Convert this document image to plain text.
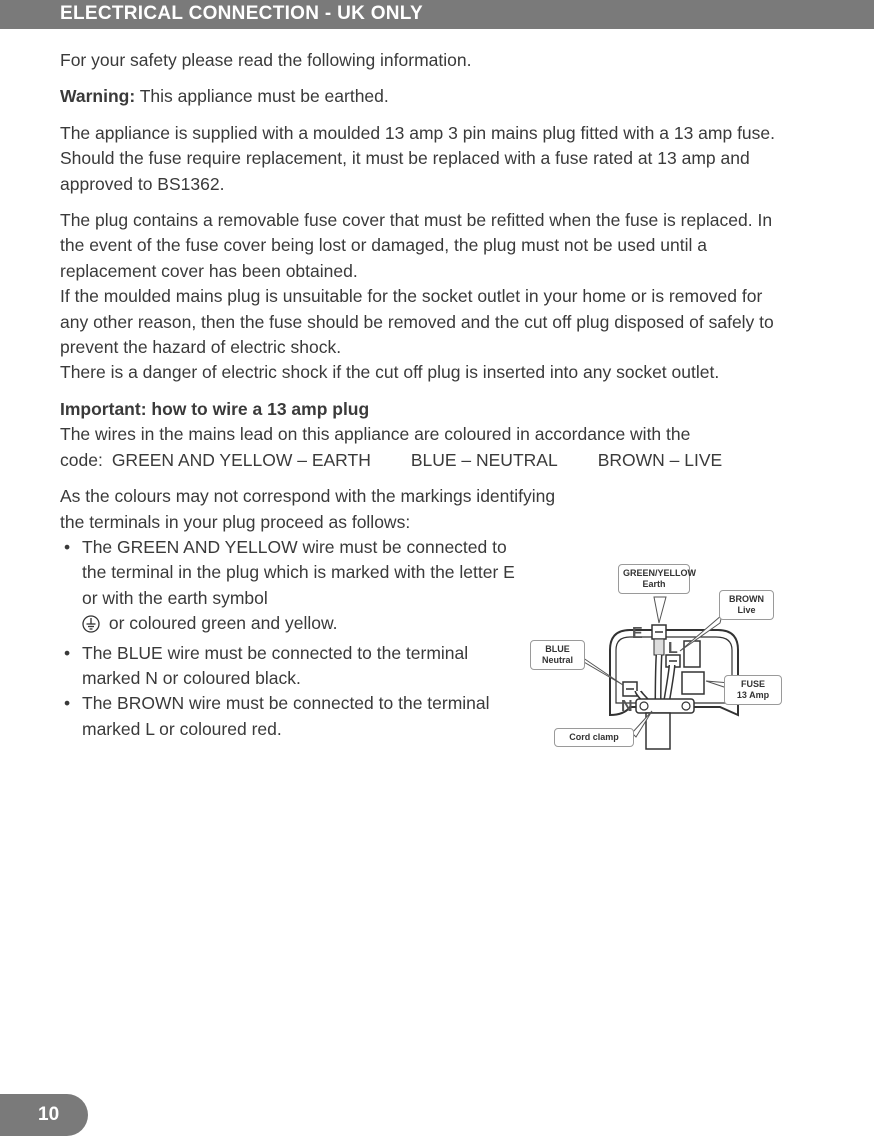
ELECTRICAL CONNECTION - UK ONLY

For your safety please read the following information.

Warning: This appliance must be earthed.

The appliance is supplied with a moulded 13 amp 3 pin mains plug fitted with a 13 amp fuse. Should the fuse require replacement, it must be replaced with a fuse rated at 13 amp and approved to BS1362.

The plug contains a removable fuse cover that must be refitted when the fuse is replaced. In the event of the fuse cover being lost or damaged, the plug must not be used until a replacement cover has been obtained.

If the moulded mains plug is unsuitable for the socket outlet in your home or is removed for any other reason, then the fuse should be removed and the cut off plug disposed of safely to prevent the hazard of electric shock.

There is a danger of electric shock if the cut off plug is inserted into any socket outlet.

Important: how to wire a 13 amp plug

The wires in the mains lead on this appliance are coloured in accordance with the

code: GREEN AND YELLOW – EARTH BLUE – NEUTRAL BROWN – LIVE

As the colours may not correspond with the markings identifying the terminals in your plug proceed as follows:

• The GREEN AND YELLOW wire must be connected to the terminal in the plug which is marked with the letter E or with the earth symbol
or coloured green and yellow.
• The BLUE wire must be connected to the terminal marked N or coloured black.
• The BROWN wire must be connected to the terminal marked L or coloured red.
E
L
N
GREEN/YELLOW
Earth
BROWN
Live
BLUE
Neutral
FUSE
13 Amp
Cord clamp
10
